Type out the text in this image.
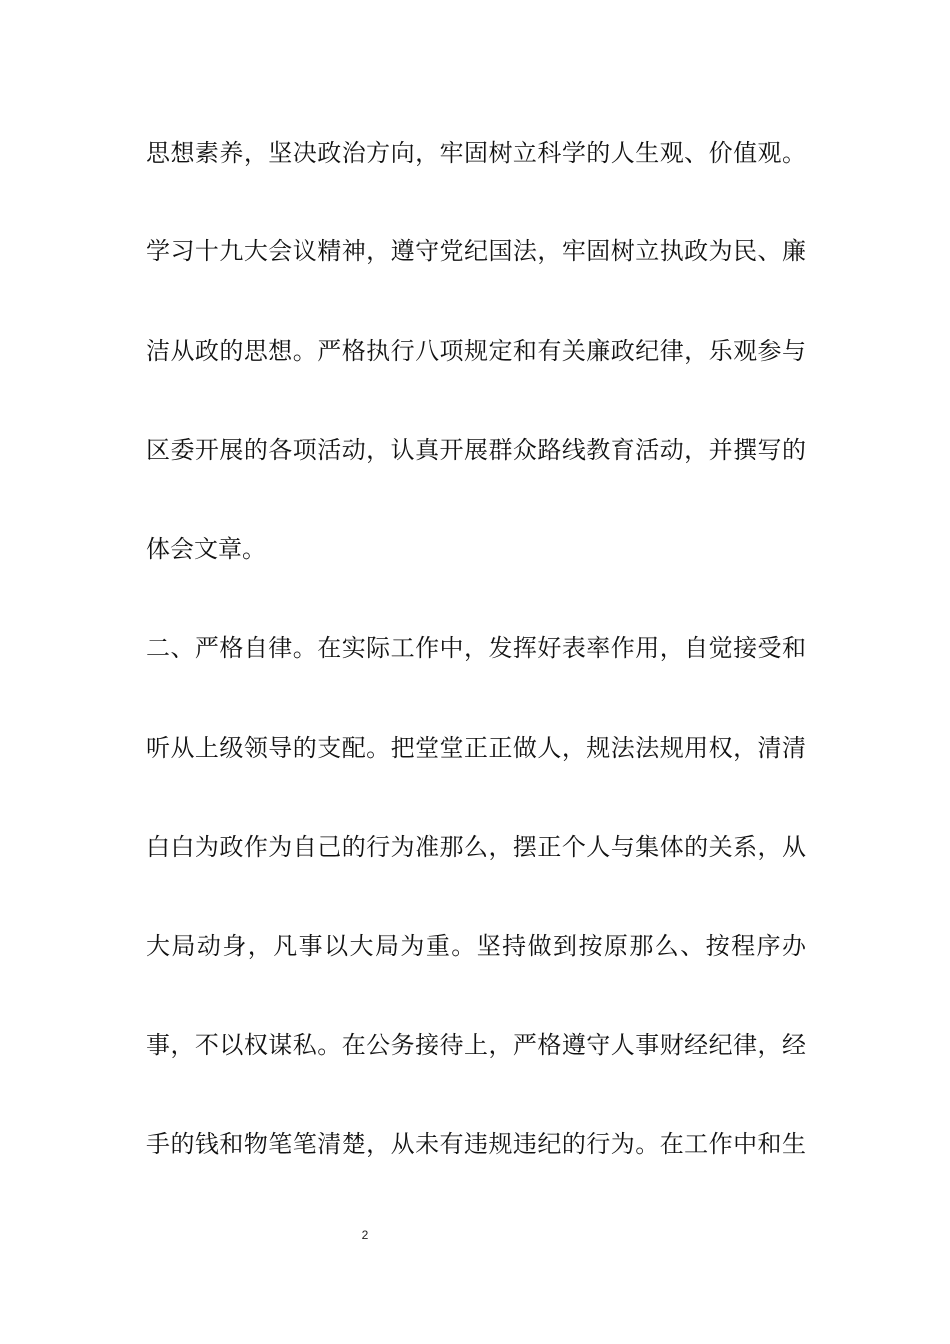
思想素养，坚决政治方向，牢固树立科学的人生观、价值观。
学习十九大会议精神，遵守党纪国法，牢固树立执政为民、廉
洁从政的思想。严格执行八项规定和有关廉政纪律，乐观参与
区委开展的各项活动，认真开展群众路线教育活动，并撰写的
体会文章。
二、严格自律。在实际工作中，发挥好表率作用，自觉接受和
听从上级领导的支配。把堂堂正正做人，规法法规用权，清清
白白为政作为自己的行为准那么，摆正个人与集体的关系，从
大局动身，凡事以大局为重。坚持做到按原那么、按程序办
事，不以权谋私。在公务接待上，严格遵守人事财经纪律，经
手的钱和物笔笔清楚，从未有违规违纪的行为。在工作中和生
2
